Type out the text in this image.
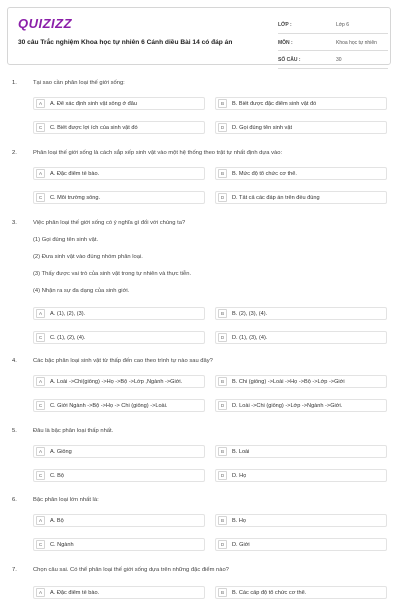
QUIZIZZ
30 câu Trắc nghiệm Khoa học tự nhiên 6 Cánh diều Bài 14 có đáp án
LỚP :	Lớp 6
MÔN :	Khoa học tự nhiên
SỐ CÂU :	30
1.	Tại sao cần phân loại thế giới sống:
A	A. Để xác định sinh vật sống ở đâu	B	B. Biết được đặc điểm sinh vật đó
C	C. Biết được lợi ích của sinh vật đó	D	D. Gọi đúng tên sinh vật
2.	Phân loại thế giới sống là cách sắp xếp sinh vật vào một hệ thống theo trật tự nhất định dựa vào:
A	A. Đặc điểm tế bào.	B	B. Mức độ tổ chức cơ thể.
C	C. Môi trường sống.	D	D. Tất cả các đáp án trên đều đúng
3.	Việc phân loại thế giới sống có ý nghĩa gì đối với chúng ta?
(1) Gọi đúng tên sinh vật.
(2) Đưa sinh vật vào đúng nhóm phân loại.
(3) Thấy được vai trò của sinh vật trong tự nhiên và thực tiễn.
(4) Nhận ra sự đa dạng của sinh giới.
A	A. (1), (2), (3).	B	B. (2), (3), (4).
C	C. (1), (2), (4).	D	D. (1), (3), (4).
4.	Các bậc phân loại sinh vật từ thấp đến cao theo trình tự nào sau đây?
A	A. Loài ->Chi(giống) ->Họ ->Bộ ->Lớp ,Ngành ->Giới.	B	B. Chi (giống) ->Loài ->Họ ->Bộ ->Lớp ->Giới
C	C. Giới Ngành ->Bộ ->Họ -> Chi (giống) ->Loài.	D	D. Loài ->Chi (giống) ->Lớp ->Ngành ->Giới.
5.	Đâu là bậc phân loại thấp nhất.
A	A. Giống	B	B. Loài
C	C. Bộ	D	D. Họ
6.	Bậc phân loại lớn nhất là:
A	A. Bộ	B	B. Họ
C	C. Ngành	D	D. Giới
7.	Chọn câu sai. Có thể phân loại thế giới sống dựa trên những đặc điểm nào?
A	A. Đặc điểm tế bào.	B	B. Các cấp độ tổ chức cơ thể.
